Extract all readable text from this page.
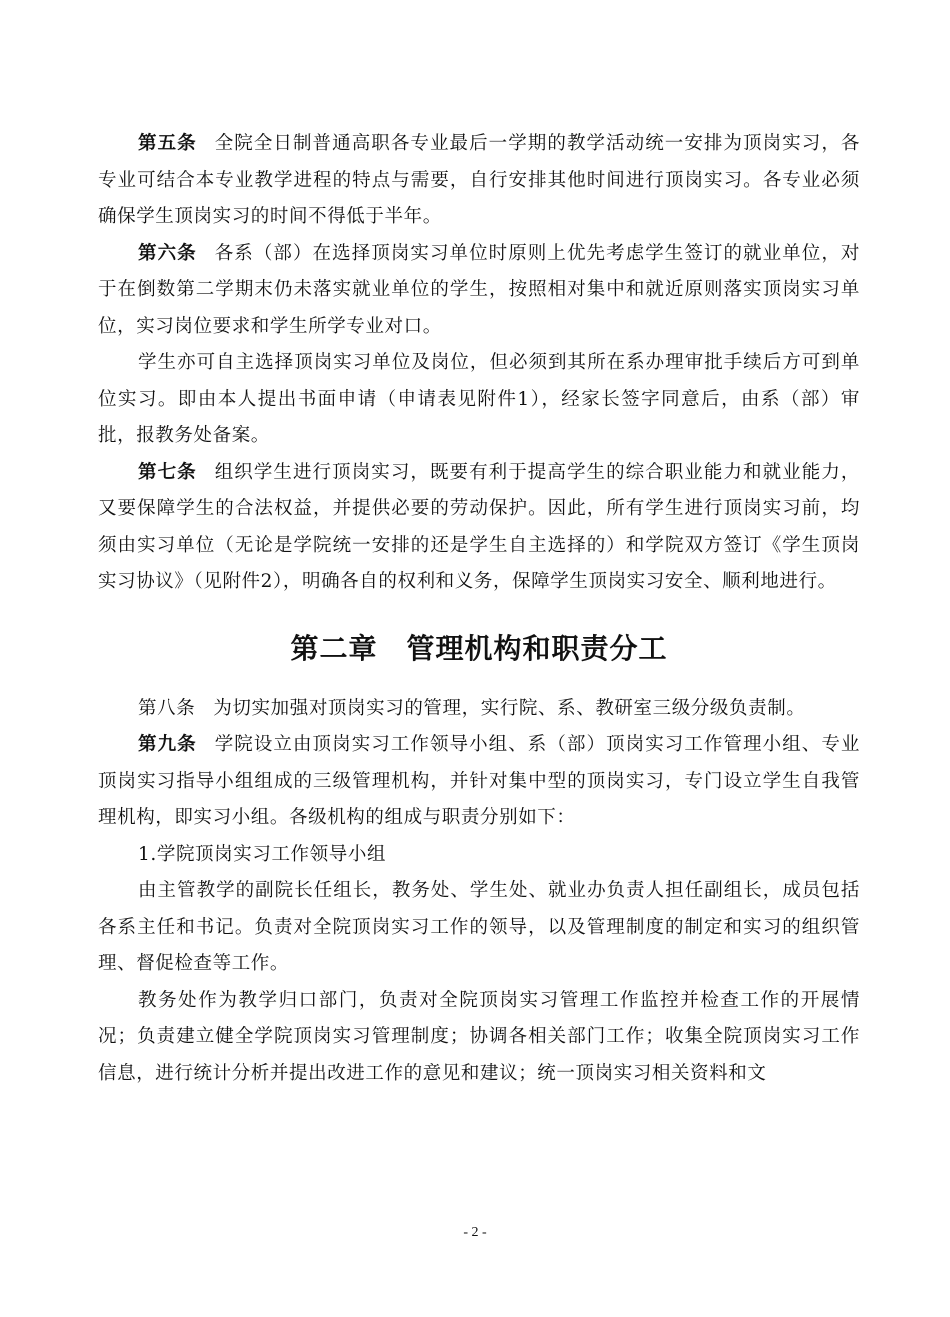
第五条 全院全日制普通高职各专业最后一学期的教学活动统一安排为顶岗实习，各专业可结合本专业教学进程的特点与需要，自行安排其他时间进行顶岗实习。各专业必须确保学生顶岗实习的时间不得低于半年。

第六条 各系（部）在选择顶岗实习单位时原则上优先考虑学生签订的就业单位，对于在倒数第二学期末仍未落实就业单位的学生，按照相对集中和就近原则落实顶岗实习单位，实习岗位要求和学生所学专业对口。

学生亦可自主选择顶岗实习单位及岗位，但必须到其所在系办理审批手续后方可到单位实习。即由本人提出书面申请（申请表见附件1），经家长签字同意后，由系（部）审批，报教务处备案。

第七条 组织学生进行顶岗实习，既要有利于提高学生的综合职业能力和就业能力，又要保障学生的合法权益，并提供必要的劳动保护。因此，所有学生进行顶岗实习前，均须由实习单位（无论是学院统一安排的还是学生自主选择的）和学院双方签订《学生顶岗实习协议》（见附件2），明确各自的权利和义务，保障学生顶岗实习安全、顺利地进行。

第二章　管理机构和职责分工

第八条 为切实加强对顶岗实习的管理，实行院、系、教研室三级分级负责制。

第九条 学院设立由顶岗实习工作领导小组、系（部）顶岗实习工作管理小组、专业顶岗实习指导小组组成的三级管理机构，并针对集中型的顶岗实习，专门设立学生自我管理机构，即实习小组。各级机构的组成与职责分别如下：

1.学院顶岗实习工作领导小组

由主管教学的副院长任组长，教务处、学生处、就业办负责人担任副组长，成员包括各系主任和书记。负责对全院顶岗实习工作的领导，以及管理制度的制定和实习的组织管理、督促检查等工作。

教务处作为教学归口部门，负责对全院顶岗实习管理工作监控并检查工作的开展情况；负责建立健全学院顶岗实习管理制度；协调各相关部门工作；收集全院顶岗实习工作信息，进行统计分析并提出改进工作的意见和建议；统一顶岗实习相关资料和文

- 2 -
